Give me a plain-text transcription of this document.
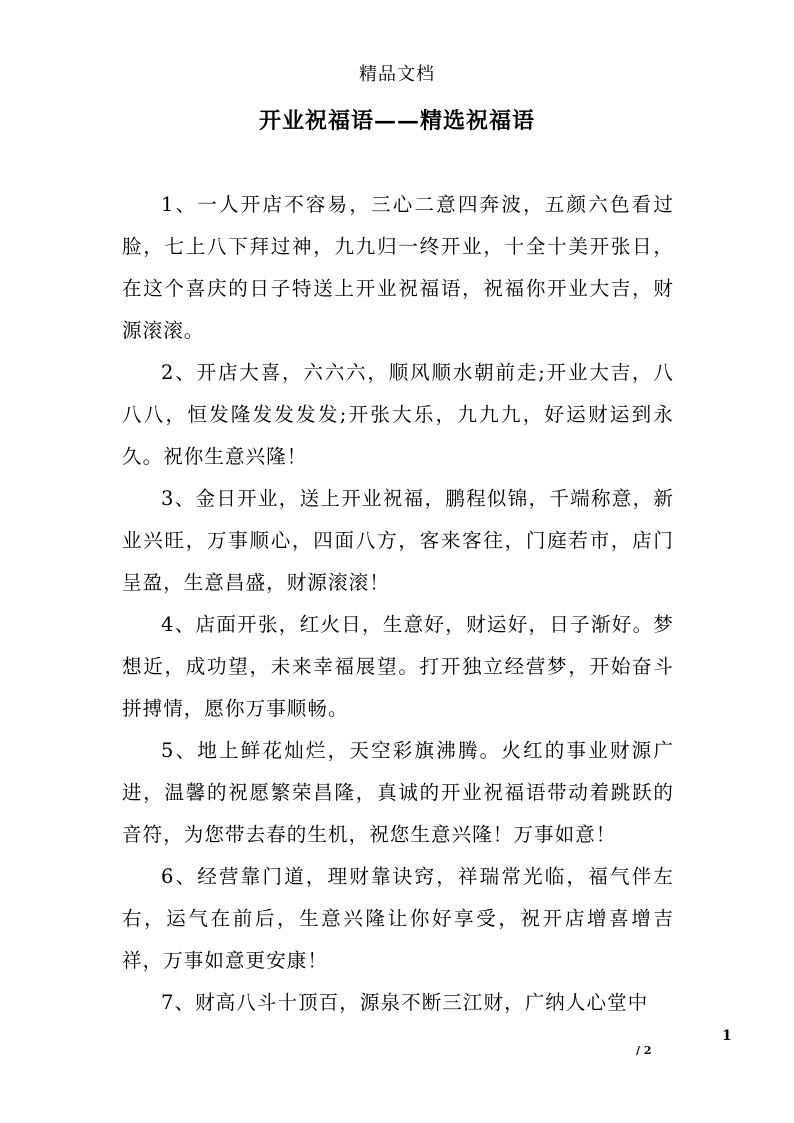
精品文档
开业祝福语——精选祝福语

1、一人开店不容易，三心二意四奔波，五颜六色看过脸，七上八下拜过神，九九归一终开业，十全十美开张日，在这个喜庆的日子特送上开业祝福语，祝福你开业大吉，财源滚滚。

2、开店大喜，六六六，顺风顺水朝前走;开业大吉，八八八，恒发隆发发发发;开张大乐，九九九，好运财运到永久。祝你生意兴隆！

3、金日开业，送上开业祝福，鹏程似锦，千端称意，新业兴旺，万事顺心，四面八方，客来客往，门庭若市，店门呈盈，生意昌盛，财源滚滚！

4、店面开张，红火日，生意好，财运好，日子渐好。梦想近，成功望，未来幸福展望。打开独立经营梦，开始奋斗拼搏情，愿你万事顺畅。

5、地上鲜花灿烂，天空彩旗沸腾。火红的事业财源广进，温馨的祝愿繁荣昌隆，真诚的开业祝福语带动着跳跃的音符，为您带去春的生机，祝您生意兴隆！万事如意！

6、经营靠门道，理财靠诀窍，祥瑞常光临，福气伴左右，运气在前后，生意兴隆让你好享受，祝开店增喜增吉祥，万事如意更安康！

7、财高八斗十顶百，源泉不断三江财，广纳人心堂中

1
/ 2
